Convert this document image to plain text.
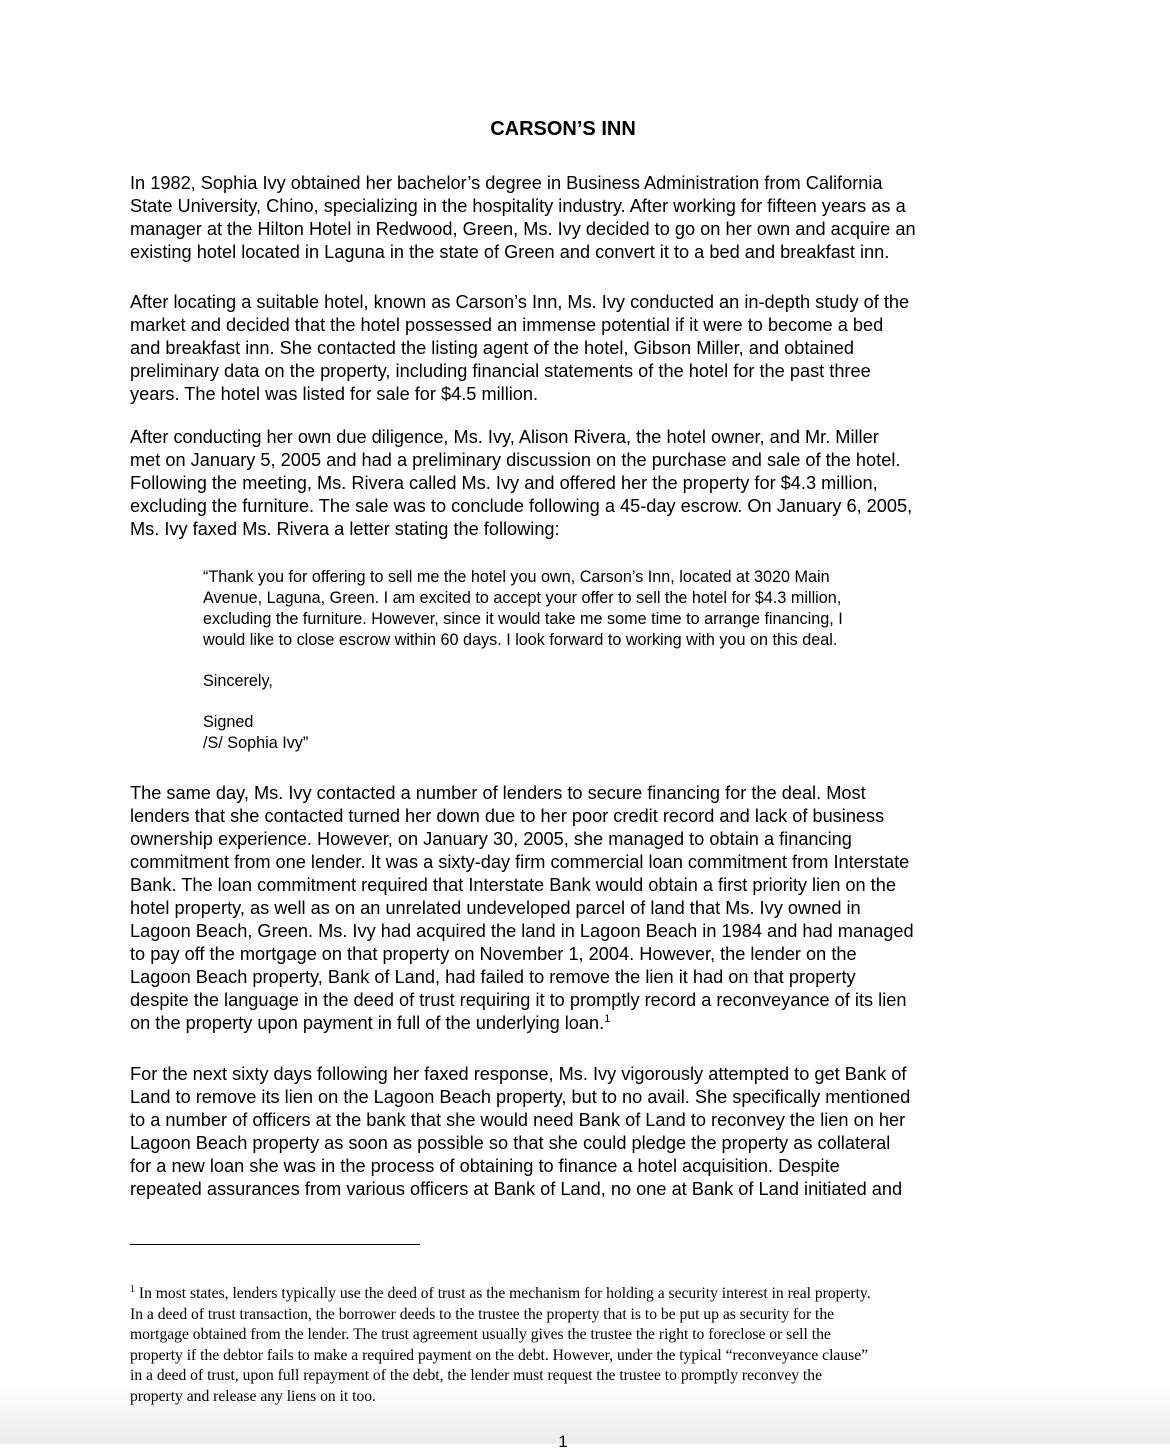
CARSON’S INN
In 1982, Sophia Ivy obtained her bachelor’s degree in Business Administration from California
State University, Chino, specializing in the hospitality industry. After working for fifteen years as a
manager at the Hilton Hotel in Redwood, Green, Ms. Ivy decided to go on her own and acquire an
existing hotel located in Laguna in the state of Green and convert it to a bed and breakfast inn.
After locating a suitable hotel, known as Carson’s Inn, Ms. Ivy conducted an in-depth study of the
market and decided that the hotel possessed an immense potential if it were to become a bed
and breakfast inn. She contacted the listing agent of the hotel, Gibson Miller, and obtained
preliminary data on the property, including financial statements of the hotel for the past three
years. The hotel was listed for sale for $4.5 million.
After conducting her own due diligence, Ms. Ivy, Alison Rivera, the hotel owner, and Mr. Miller
met on January 5, 2005 and had a preliminary discussion on the purchase and sale of the hotel.
Following the meeting, Ms. Rivera called Ms. Ivy and offered her the property for $4.3 million,
excluding the furniture. The sale was to conclude following a 45-day escrow. On January 6, 2005,
Ms. Ivy faxed Ms. Rivera a letter stating the following:
“Thank you for offering to sell me the hotel you own, Carson’s Inn, located at 3020 Main
Avenue, Laguna, Green. I am excited to accept your offer to sell the hotel for $4.3 million,
excluding the furniture. However, since it would take me some time to arrange financing, I
would like to close escrow within 60 days. I look forward to working with you on this deal.
Sincerely,
Signed
/S/ Sophia Ivy”
The same day, Ms. Ivy contacted a number of lenders to secure financing for the deal. Most
lenders that she contacted turned her down due to her poor credit record and lack of business
ownership experience. However, on January 30, 2005, she managed to obtain a financing
commitment from one lender. It was a sixty-day firm commercial loan commitment from Interstate
Bank. The loan commitment required that Interstate Bank would obtain a first priority lien on the
hotel property, as well as on an unrelated undeveloped parcel of land that Ms. Ivy owned in
Lagoon Beach, Green. Ms. Ivy had acquired the land in Lagoon Beach in 1984 and had managed
to pay off the mortgage on that property on November 1, 2004. However, the lender on the
Lagoon Beach property, Bank of Land, had failed to remove the lien it had on that property
despite the language in the deed of trust requiring it to promptly record a reconveyance of its lien
on the property upon payment in full of the underlying loan.$^1$
For the next sixty days following her faxed response, Ms. Ivy vigorously attempted to get Bank of
Land to remove its lien on the Lagoon Beach property, but to no avail. She specifically mentioned
to a number of officers at the bank that she would need Bank of Land to reconvey the lien on her
Lagoon Beach property as soon as possible so that she could pledge the property as collateral
for a new loan she was in the process of obtaining to finance a hotel acquisition. Despite
repeated assurances from various officers at Bank of Land, no one at Bank of Land initiated and
$^1$ In most states, lenders typically use the deed of trust as the mechanism for holding a security interest in real property.
In a deed of trust transaction, the borrower deeds to the trustee the property that is to be put up as security for the
mortgage obtained from the lender. The trust agreement usually gives the trustee the right to foreclose or sell the
property if the debtor fails to make a required payment on the debt. However, under the typical “reconveyance clause”
in a deed of trust, upon full repayment of the debt, the lender must request the trustee to promptly reconvey the
property and release any liens on it too.
1
